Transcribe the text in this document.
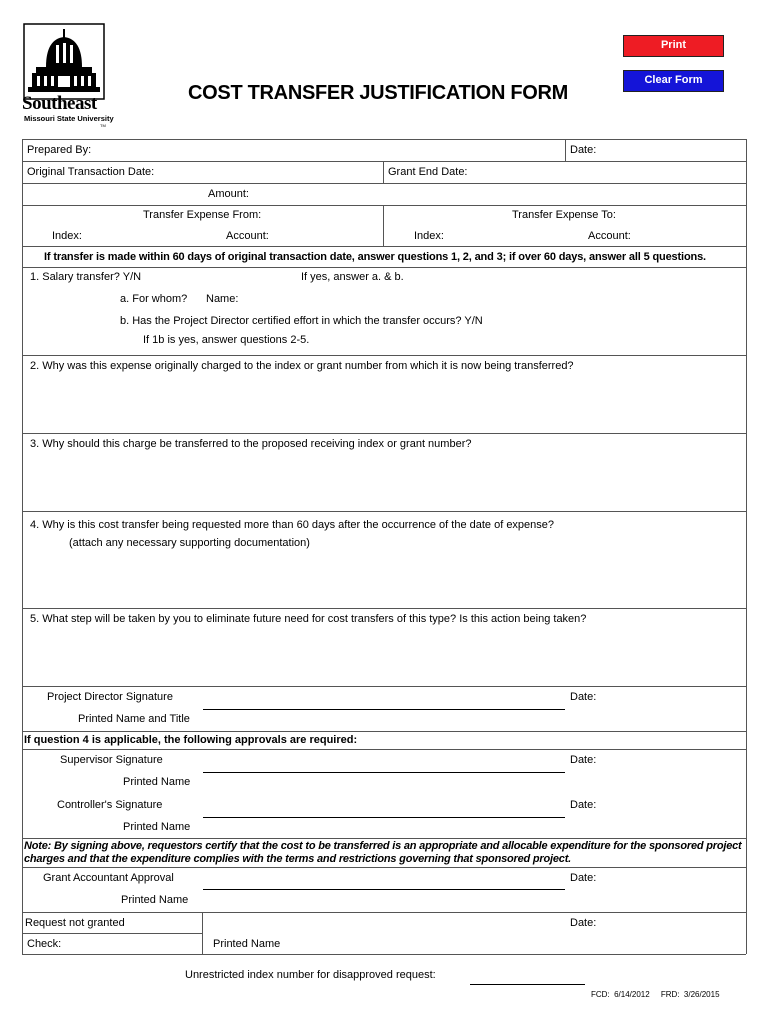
Southeast
Missouri State University
TM
COST TRANSFER JUSTIFICATION FORM
Print
Clear Form
Prepared By:	Date:
Original Transaction Date:	Grant End Date:
Amount:
Transfer Expense From:	Transfer Expense To:
Index:	Account:	Index:	Account:
If transfer is made within 60 days of original transaction date, answer questions 1, 2, and 3; if over 60 days, answer all 5 questions.
1. Salary transfer? Y/N	If yes, answer a. & b.
a. For whom? Name:
b. Has the Project Director certified effort in which the transfer occurs? Y/N
If 1b is yes, answer questions 2-5.
2. Why was this expense originally charged to the index or grant number from which it is now being transferred?
3. Why should this charge be transferred to the proposed receiving index or grant number?
4. Why is this cost transfer being requested more than 60 days after the occurrence of the date of expense?
(attach any necessary supporting documentation)
5. What step will be taken by you to eliminate future need for cost transfers of this type? Is this action being taken?
Project Director Signature	Date:
Printed Name and Title
If question 4 is applicable, the following approvals are required:
Supervisor Signature	Date:
Printed Name
Controller's Signature	Date:
Printed Name
Note: By signing above, requestors certify that the cost to be transferred is an appropriate and allocable expenditure for the sponsored project charges and that the expenditure complies with the terms and restrictions governing that sponsored project.
Grant Accountant Approval	Date:
Printed Name
Request not granted	Date:
Check:	Printed Name
Unrestricted index number for disapproved request:
FCD:  6/14/2012     FRD:  3/26/2015
